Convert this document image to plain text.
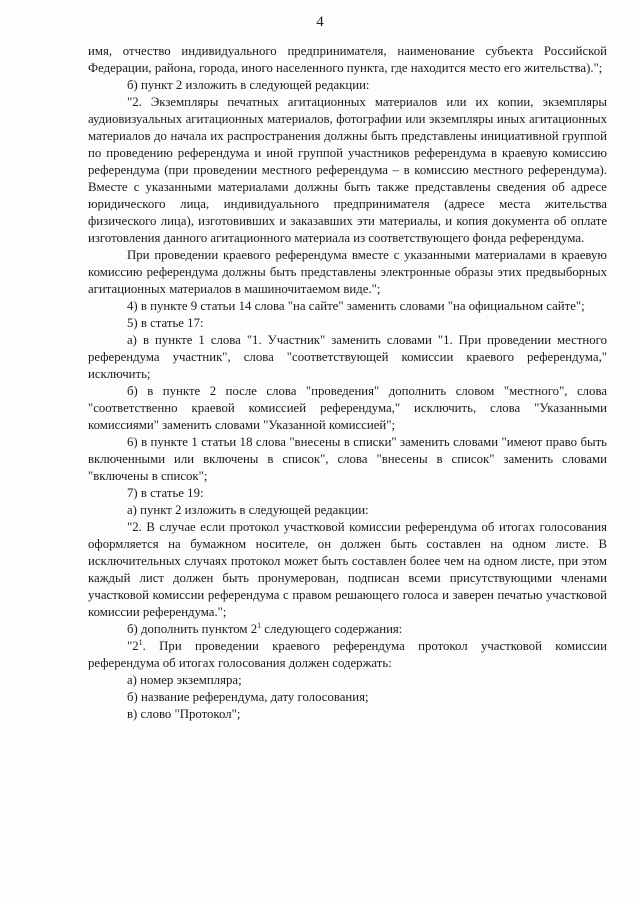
4

имя, отчество индивидуального предпринимателя, наименование субъекта Российской Федерации, района, города, иного населенного пункта, где находится место его жительства).";

б) пункт 2 изложить в следующей редакции:

"2. Экземпляры печатных агитационных материалов или их копии, экземпляры аудиовизуальных агитационных материалов, фотографии или экземпляры иных агитационных материалов до начала их распространения должны быть представлены инициативной группой по проведению референдума и иной группой участников референдума в краевую комиссию референдума (при проведении местного референдума – в комиссию местного референдума). Вместе с указанными материалами должны быть также представлены сведения об адресе юридического лица, индивидуального предпринимателя (адресе места жительства физического лица), изготовивших и заказавших эти материалы, и копия документа об оплате изготовления данного агитационного материала из соответствующего фонда референдума.

При проведении краевого референдума вместе с указанными материалами в краевую комиссию референдума должны быть представлены электронные образы этих предвыборных агитационных материалов в машиночитаемом виде.";

4) в пункте 9 статьи 14 слова "на сайте" заменить словами "на официальном сайте";

5) в статье 17:

а) в пункте 1 слова "1. Участник" заменить словами "1. При проведении местного референдума участник", слова "соответствующей комиссии краевого референдума," исключить;

б) в пункте 2 после слова "проведения" дополнить словом "местного", слова "соответственно краевой комиссией референдума," исключить, слова "Указанными комиссиями" заменить словами "Указанной комиссией";

6) в пункте 1 статьи 18 слова "внесены в списки" заменить словами "имеют право быть включенными или включены в список", слова "внесены в список" заменить словами "включены в список";

7) в статье 19:

а) пункт 2 изложить в следующей редакции:

"2. В случае если протокол участковой комиссии референдума об итогах голосования оформляется на бумажном носителе, он должен быть составлен на одном листе. В исключительных случаях протокол может быть составлен более чем на одном листе, при этом каждый лист должен быть пронумерован, подписан всеми присутствующими членами участковой комиссии референдума с правом решающего голоса и заверен печатью участковой комиссии референдума.";

б) дополнить пунктом $2^1$ следующего содержания:

"$2^1$. При проведении краевого референдума протокол участковой комиссии референдума об итогах голосования должен содержать:

а) номер экземпляра;

б) название референдума, дату голосования;

в) слово "Протокол";
